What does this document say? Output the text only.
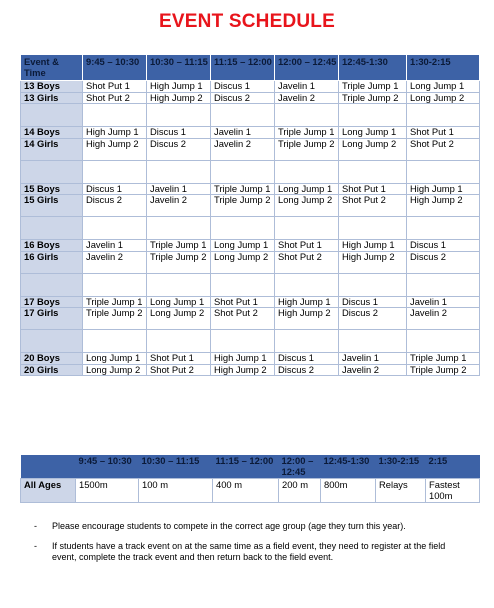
EVENT SCHEDULE
Event & Time	9:45 – 10:30	10:30 – 11:15	11:15 – 12:00	12:00 – 12:45	12:45-1:30	1:30-2:15
13 Boys	Shot Put 1	High Jump 1	Discus 1	Javelin 1	Triple Jump 1	Long Jump 1
13 Girls	Shot Put 2	High Jump 2	Discus 2	Javelin 2	Triple Jump 2	Long Jump 2

14 Boys	High Jump 1	Discus 1	Javelin 1	Triple Jump 1	Long Jump 1	Shot Put 1
14 Girls	High Jump 2	Discus 2	Javelin 2	Triple Jump 2	Long Jump 2	Shot Put 2

15 Boys	Discus 1	Javelin 1	Triple Jump 1	Long Jump 1	Shot Put 1	High Jump 1
15 Girls	Discus 2	Javelin 2	Triple Jump 2	Long Jump 2	Shot Put 2	High Jump 2

16 Boys	Javelin 1	Triple Jump 1	Long Jump 1	Shot Put 1	High Jump 1	Discus 1
16 Girls	Javelin 2	Triple Jump 2	Long Jump 2	Shot Put 2	High Jump 2	Discus 2

17 Boys	Triple Jump 1	Long Jump 1	Shot Put 1	High Jump 1	Discus 1	Javelin 1
17 Girls	Triple Jump 2	Long Jump 2	Shot Put 2	High Jump 2	Discus 2	Javelin 2

20 Boys	Long Jump 1	Shot Put 1	High Jump 1	Discus 1	Javelin 1	Triple Jump 1
20 Girls	Long Jump 2	Shot Put 2	High Jump 2	Discus 2	Javelin 2	Triple Jump 2
	9:45 – 10:30	10:30 – 11:15	11:15 – 12:00	12:00 – 12:45	12:45-1:30	1:30-2:15	2:15
All Ages	1500m	100 m	400 m	200 m	800m	Relays	Fastest 100m
-	Please encourage students to compete in the correct age group (age they turn this year).
-	If students have a track event on at the same time as a field event, they need to register at the field event, complete the track event and then return back to the field event.
